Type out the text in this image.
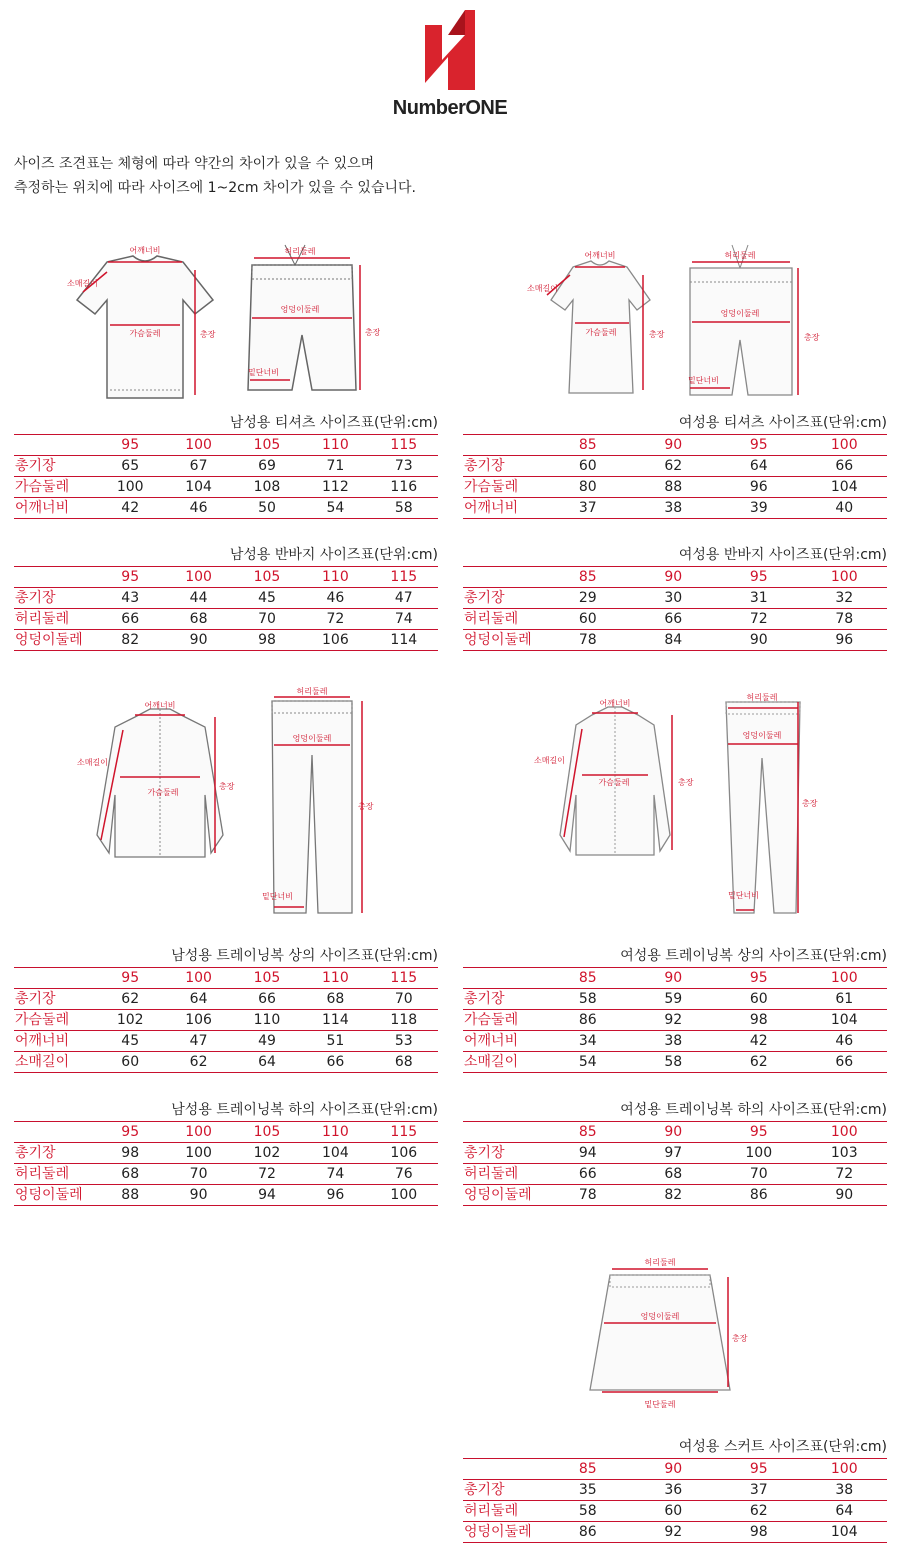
NumberONE
사이즈 조견표는 체형에 따라 약간의 차이가 있을 수 있으며
측정하는 위치에 따라 사이즈에 1~2cm 차이가 있을 수 있습니다.
어깨너비
소매길이
가슴둘레	총장
허리둘레
엉덩이둘레
밑단너비
총장
어깨너비
소매길이
가슴둘레	총장
허리둘레
엉덩이둘레
밑단너비
총장
남성용 티셔츠 사이즈표(단위:cm)
	95	100	105	110	115
총기장	65	67	69	71	73
가슴둘레	100	104	108	112	116
어깨너비	42	46	50	54	58
여성용 티셔츠 사이즈표(단위:cm)
	85	90	95	100
총기장	60	62	64	66
가슴둘레	80	88	96	104
어깨너비	37	38	39	40
남성용 반바지 사이즈표(단위:cm)
	95	100	105	110	115
총기장	43	44	45	46	47
허리둘레	66	68	70	72	74
엉덩이둘레	82	90	98	106	114
여성용 반바지 사이즈표(단위:cm)
	85	90	95	100
총기장	29	30	31	32
허리둘레	60	66	72	78
엉덩이둘레	78	84	90	96
어깨너비
소매길이
가슴둘레
총장
허리둘레
엉덩이둘레
밑단너비
총장
어깨너비
소매길이
가슴둘레	총장
허리둘레
엉덩이둘레
밑단너비
총장
남성용 트레이닝복 상의 사이즈표(단위:cm)
	95	100	105	110	115
총기장	62	64	66	68	70
가슴둘레	102	106	110	114	118
어깨너비	45	47	49	51	53
소매길이	60	62	64	66	68
여성용 트레이닝복 상의 사이즈표(단위:cm)
	85	90	95	100
총기장	58	59	60	61
가슴둘레	86	92	98	104
어깨너비	34	38	42	46
소매길이	54	58	62	66
남성용 트레이닝복 하의 사이즈표(단위:cm)
	95	100	105	110	115
총기장	98	100	102	104	106
허리둘레	68	70	72	74	76
엉덩이둘레	88	90	94	96	100
여성용 트레이닝복 하의 사이즈표(단위:cm)
	85	90	95	100
총기장	94	97	100	103
허리둘레	66	68	70	72
엉덩이둘레	78	82	86	90
허리둘레
엉덩이둘레
밑단둘레
총장
여성용 스커트 사이즈표(단위:cm)
	85	90	95	100
총기장	35	36	37	38
허리둘레	58	60	62	64
엉덩이둘레	86	92	98	104
